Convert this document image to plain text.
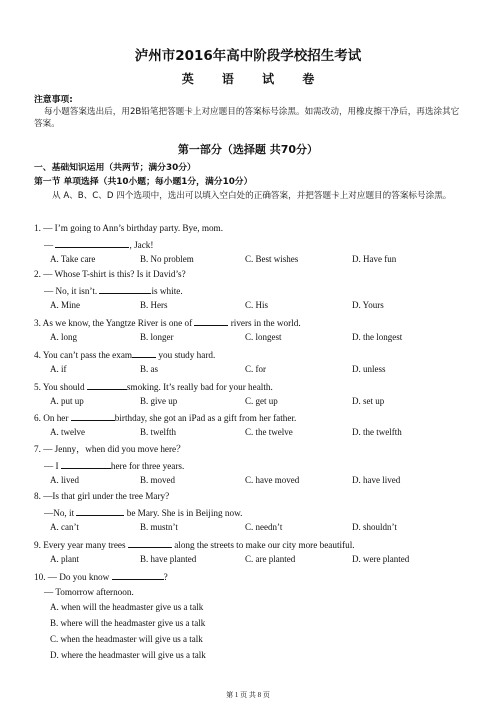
泸州市2016年高中阶段学校招生考试
英 语 试 卷
注意事项:
每小题答案选出后，用2B铅笔把答题卡上对应题目的答案标号涂黑。如需改动，用橡皮擦干净后，再选涂其它答案。
第一部分（选择题 共70分）
一、基础知识运用（共两节；满分30分）
第一节 单项选择（共10小题；每小题1分，满分10分）
从 A、B、C、D 四个选项中，选出可以填入空白处的正确答案，并把答题卡上对应题目的答案标号涂黑。
1. — I’m going to Ann’s birthday party. Bye, mom.
—	, Jack!
A. Take care	B. No problem	C. Best wishes	D. Have fun
2. — Whose T-shirt is this? Is it David’s?
— No, it isn’t.	is white.
A. Mine	B. Hers	C. His	D. Yours
3. As we know, the Yangtze River is one of	rivers in the world.
A. long	B. longer	C. longest	D. the longest
4. You can’t pass the exam	you study hard.
A. if	B. as	C. for	D. unless
5. You should	smoking. It’s really bad for your health.
A. put up	B. give up	C. get up	D. set up
6. On her	birthday, she got an iPad as a gift from her father.
A. twelve	B. twelfth	C. the twelve	D. the twelfth
7. — Jenny，when did you move here？
— I	here for three years.
A. lived	B. moved	C. have moved	D. have lived
8. —Is that girl under the tree Mary?
—No, it	be Mary. She is in Beijing now.
A. can’t	B. mustn’t	C. needn’t	D. shouldn’t
9. Every year many trees	along the streets to make our city more beautiful.
A. plant	B. have planted	C. are planted	D. were planted
10. — Do you know	?
— Tomorrow afternoon.
A. when will the headmaster give us a talk
B. where will the headmaster give us a talk
C. when the headmaster will give us a talk
D. where the headmaster will give us a talk
第 1 页 共 8 页
